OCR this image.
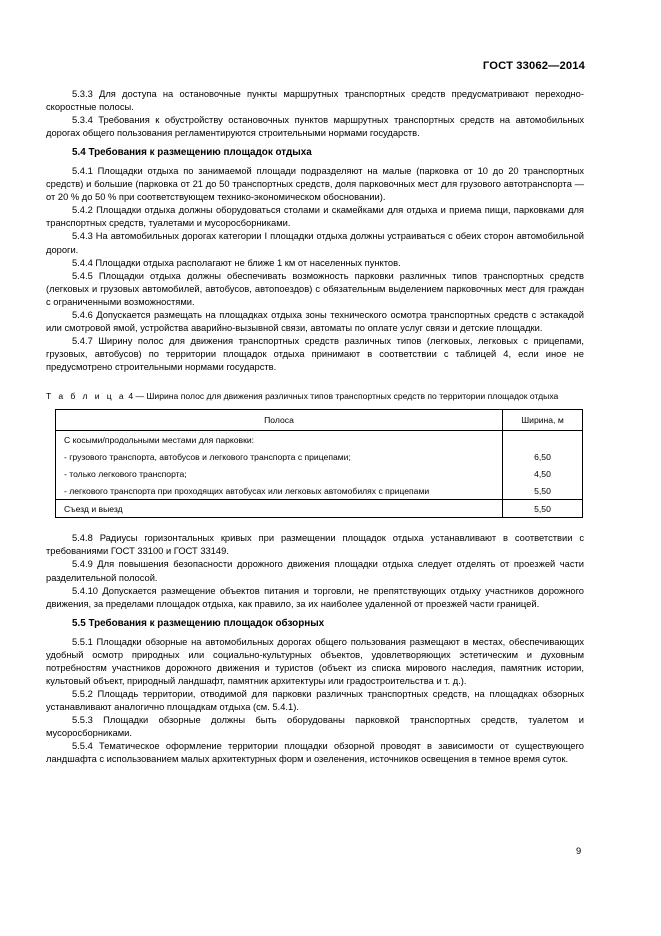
ГОСТ 33062—2014

5.3.3 Для доступа на остановочные пункты маршрутных транспортных средств предусматривают переходно-скоростные полосы.

5.3.4 Требования к обустройству остановочных пунктов маршрутных транспортных средств на автомобильных дорогах общего пользования регламентируются строительными нормами государств.

5.4 Требования к размещению площадок отдыха

5.4.1 Площадки отдыха по занимаемой площади подразделяют на малые (парковка от 10 до 20 транспортных средств) и большие (парковка от 21 до 50 транспортных средств, доля парковочных мест для грузового автотранспорта — от 20 % до 50 % при соответствующем технико-экономическом обосновании).

5.4.2 Площадки отдыха должны оборудоваться столами и скамейками для отдыха и приема пищи, парковками для транспортных средств, туалетами и мусоросборниками.

5.4.3 На автомобильных дорогах категории I площадки отдыха должны устраиваться с обеих сторон автомобильной дороги.

5.4.4 Площадки отдыха располагают не ближе 1 км от населенных пунктов.

5.4.5 Площадки отдыха должны обеспечивать возможность парковки различных типов транспортных средств (легковых и грузовых автомобилей, автобусов, автопоездов) с обязательным выделением парковочных мест для граждан с ограниченными возможностями.

5.4.6 Допускается размещать на площадках отдыха зоны технического осмотра транспортных средств с эстакадой или смотровой ямой, устройства аварийно-вызывной связи, автоматы по оплате услуг связи и детские площадки.

5.4.7 Ширину полос для движения транспортных средств различных типов (легковых, легковых с прицепами, грузовых, автобусов) по территории площадок отдыха принимают в соответствии с таблицей 4, если иное не предусмотрено строительными нормами государств.

Т а б л и ц а 4 — Ширина полос для движения различных типов транспортных средств по территории площадок отдыха

Полоса	Ширина, м
С косыми/продольными местами для парковки:	
- грузового транспорта, автобусов и легкового транспорта с прицепами;	6,50
- только легкового транспорта;	4,50
- легкового транспорта при проходящих автобусах или легковых автомобилях с прицепами	5,50
Съезд и выезд	5,50

5.4.8 Радиусы горизонтальных кривых при размещении площадок отдыха устанавливают в соответствии с требованиями ГОСТ 33100 и ГОСТ 33149.

5.4.9 Для повышения безопасности дорожного движения площадки отдыха следует отделять от проезжей части разделительной полосой.

5.4.10 Допускается размещение объектов питания и торговли, не препятствующих отдыху участников дорожного движения, за пределами площадок отдыха, как правило, за их наиболее удаленной от проезжей части границей.

5.5 Требования к размещению площадок обзорных

5.5.1 Площадки обзорные на автомобильных дорогах общего пользования размещают в местах, обеспечивающих удобный осмотр природных или социально-культурных объектов, удовлетворяющих эстетическим и духовным потребностям участников дорожного движения и туристов (объект из списка мирового наследия, памятник истории, культовый объект, природный ландшафт, памятник архитектуры или градостроительства и т. д.).

5.5.2 Площадь территории, отводимой для парковки различных транспортных средств, на площадках обзорных устанавливают аналогично площадкам отдыха (см. 5.4.1).

5.5.3 Площадки обзорные должны быть оборудованы парковкой транспортных средств, туалетом и мусоросборниками.

5.5.4 Тематическое оформление территории площадки обзорной проводят в зависимости от существующего ландшафта с использованием малых архитектурных форм и озеленения, источников освещения в темное время суток.

9
